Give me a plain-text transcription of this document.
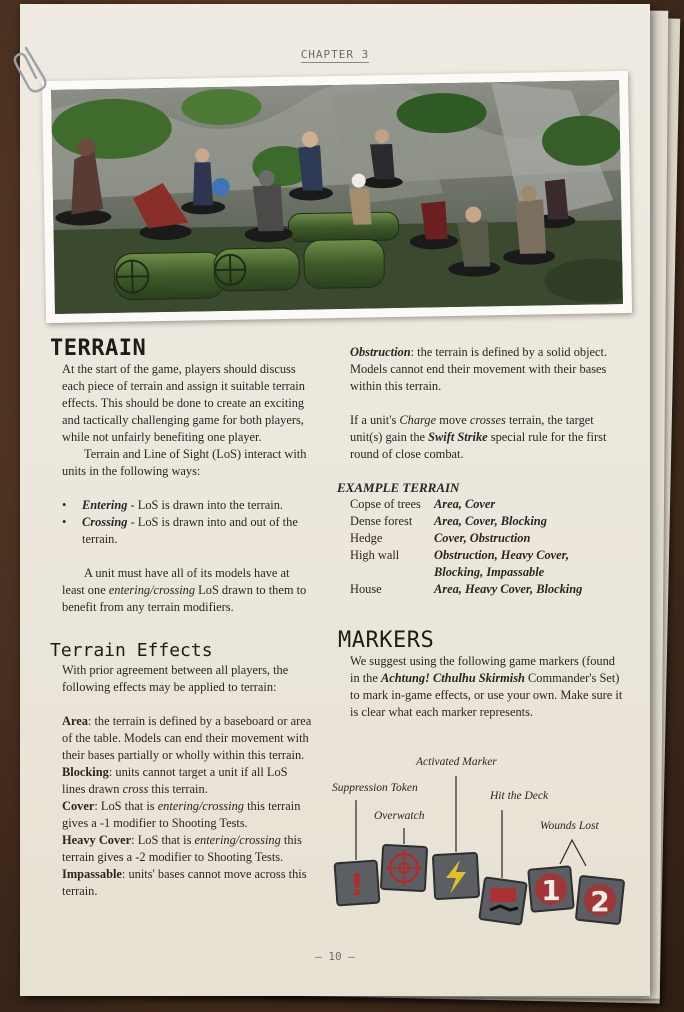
CHAPTER 3
TERRAIN

At the start of the game, players should discuss each piece of terrain and assign it suitable terrain effects. This should be done to create an exciting and tactically challenging game for both players, while not unfairly benefiting one player.

Terrain and Line of Sight (LoS) interact with units in the following ways:

• Entering - LoS is drawn into the terrain.
• Crossing - LoS is drawn into and out of the terrain.

A unit must have all of its models have at least one entering/crossing LoS drawn to them to benefit from any terrain modifiers.

Terrain Effects

With prior agreement between all players, the following effects may be applied to terrain:

Area: the terrain is defined by a baseboard or area of the table. Models can end their movement with their bases partially or wholly within this terrain.

Blocking: units cannot target a unit if all LoS lines drawn cross this terrain.

Cover: LoS that is entering/crossing this terrain gives a -1 modifier to Shooting Tests.

Heavy Cover: LoS that is entering/crossing this terrain gives a -2 modifier to Shooting Tests.

Impassable: units' bases cannot move across this terrain.

Obstruction: the terrain is defined by a solid object. Models cannot end their movement with their bases within this terrain.

If a unit's Charge move crosses terrain, the target unit(s) gain the Swift Strike special rule for the first round of close combat.

EXAMPLE TERRAIN
Copse of trees	Area, Cover
Dense forest	Area, Cover, Blocking
Hedge	Cover, Obstruction
High wall	Obstruction, Heavy Cover, Blocking, Impassable
House	Area, Heavy Cover, Blocking
MARKERS

We suggest using the following game markers (found in the Achtung! Cthulhu Skirmish Commander's Set) to mark in-game effects, or use your own. Make sure it is clear what each marker represents.

Activated Marker
Suppression Token
Hit the Deck
Overwatch
Wounds Lost
!	1 2
— 10 —
